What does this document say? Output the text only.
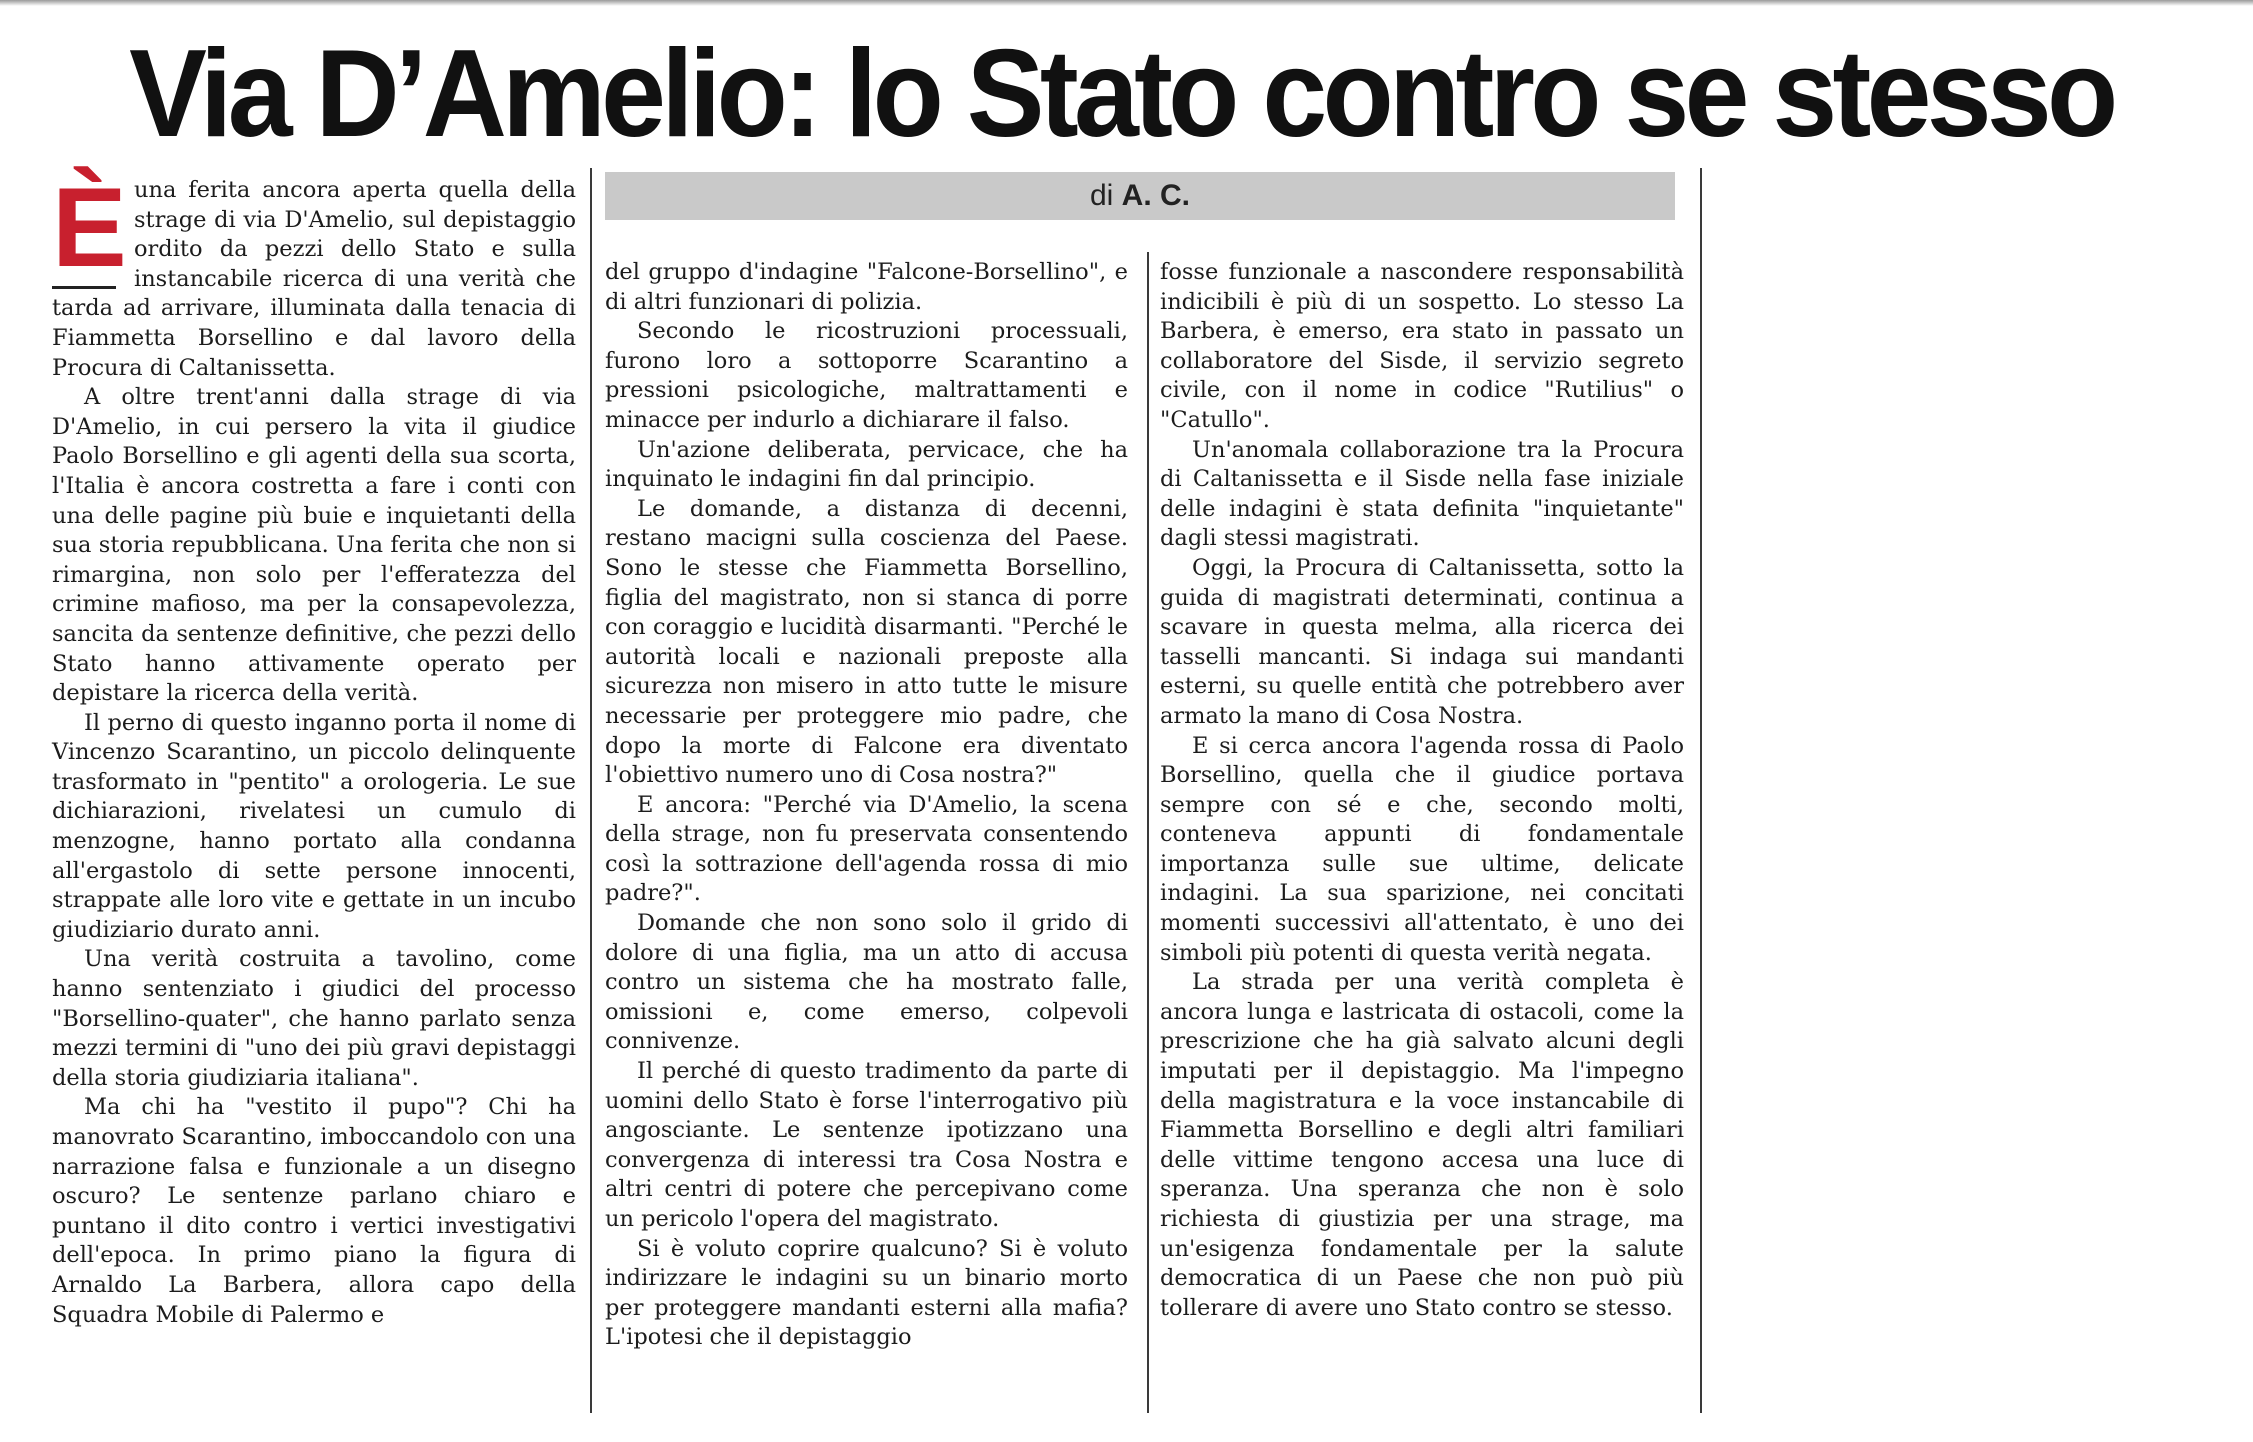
Via D’Amelio: lo Stato contro se stesso
di A. C.
È una ferita ancora aperta quella della strage di via D'Amelio, sul depistaggio ordito da pezzi dello Stato e sulla instancabile ricerca di una verità che tarda ad arrivare, illuminata dalla tenacia di Fiammetta Borsellino e dal lavoro della Procura di Caltanissetta.

A oltre trent'anni dalla strage di via D'Amelio, in cui persero la vita il giudice Paolo Borsellino e gli agenti della sua scorta, l'Italia è ancora costretta a fare i conti con una delle pagine più buie e inquietanti della sua storia repubblicana. Una ferita che non si rimargina, non solo per l'efferatezza del crimine mafioso, ma per la consapevolezza, sancita da sentenze definitive, che pezzi dello Stato hanno attivamente operato per depistare la ricerca della verità.

Il perno di questo inganno porta il nome di Vincenzo Scarantino, un piccolo delinquente trasformato in "pentito" a orologeria. Le sue dichiarazioni, rivelatesi un cumulo di menzogne, hanno portato alla condanna all'ergastolo di sette persone innocenti, strappate alle loro vite e gettate in un incubo giudiziario durato anni.

Una verità costruita a tavolino, come hanno sentenziato i giudici del processo "Borsellino-quater", che hanno parlato senza mezzi termini di "uno dei più gravi depistaggi della storia giudiziaria italiana".

Ma chi ha "vestito il pupo"? Chi ha manovrato Scarantino, imboccandolo con una narrazione falsa e funzionale a un disegno oscuro? Le sentenze parlano chiaro e puntano il dito contro i vertici investigativi dell'epoca. In primo piano la figura di Arnaldo La Barbera, allora capo della Squadra Mobile di Palermo e

del gruppo d'indagine "Falcone-Borsellino", e di altri funzionari di polizia.

Secondo le ricostruzioni processuali, furono loro a sottoporre Scarantino a pressioni psicologiche, maltrattamenti e minacce per indurlo a dichiarare il falso.

Un'azione deliberata, pervicace, che ha inquinato le indagini fin dal principio.

Le domande, a distanza di decenni, restano macigni sulla coscienza del Paese. Sono le stesse che Fiammetta Borsellino, figlia del magistrato, non si stanca di porre con coraggio e lucidità disarmanti. "Perché le autorità locali e nazionali preposte alla sicurezza non misero in atto tutte le misure necessarie per proteggere mio padre, che dopo la morte di Falcone era diventato l'obiettivo numero uno di Cosa nostra?"

E ancora: "Perché via D'Amelio, la scena della strage, non fu preservata consentendo così la sottrazione dell'agenda rossa di mio padre?".

Domande che non sono solo il grido di dolore di una figlia, ma un atto di accusa contro un sistema che ha mostrato falle, omissioni e, come emerso, colpevoli connivenze.

Il perché di questo tradimento da parte di uomini dello Stato è forse l'interrogativo più angosciante. Le sentenze ipotizzano una convergenza di interessi tra Cosa Nostra e altri centri di potere che percepivano come un pericolo l'opera del magistrato.

Si è voluto coprire qualcuno? Si è voluto indirizzare le indagini su un binario morto per proteggere mandanti esterni alla mafia? L'ipotesi che il depistaggio

fosse funzionale a nascondere responsabilità indicibili è più di un sospetto. Lo stesso La Barbera, è emerso, era stato in passato un collaboratore del Sisde, il servizio segreto civile, con il nome in codice "Rutilius" o "Catullo".

Un'anomala collaborazione tra la Procura di Caltanissetta e il Sisde nella fase iniziale delle indagini è stata definita "inquietante" dagli stessi magistrati.

Oggi, la Procura di Caltanissetta, sotto la guida di magistrati determinati, continua a scavare in questa melma, alla ricerca dei tasselli mancanti. Si indaga sui mandanti esterni, su quelle entità che potrebbero aver armato la mano di Cosa Nostra.

E si cerca ancora l'agenda rossa di Paolo Borsellino, quella che il giudice portava sempre con sé e che, secondo molti, conteneva appunti di fondamentale importanza sulle sue ultime, delicate indagini. La sua sparizione, nei concitati momenti successivi all'attentato, è uno dei simboli più potenti di questa verità negata.

La strada per una verità completa è ancora lunga e lastricata di ostacoli, come la prescrizione che ha già salvato alcuni degli imputati per il depistaggio. Ma l'impegno della magistratura e la voce instancabile di Fiammetta Borsellino e degli altri familiari delle vittime tengono accesa una luce di speranza. Una speranza che non è solo richiesta di giustizia per una strage, ma un'esigenza fondamentale per la salute democratica di un Paese che non può più tollerare di avere uno Stato contro se stesso.
